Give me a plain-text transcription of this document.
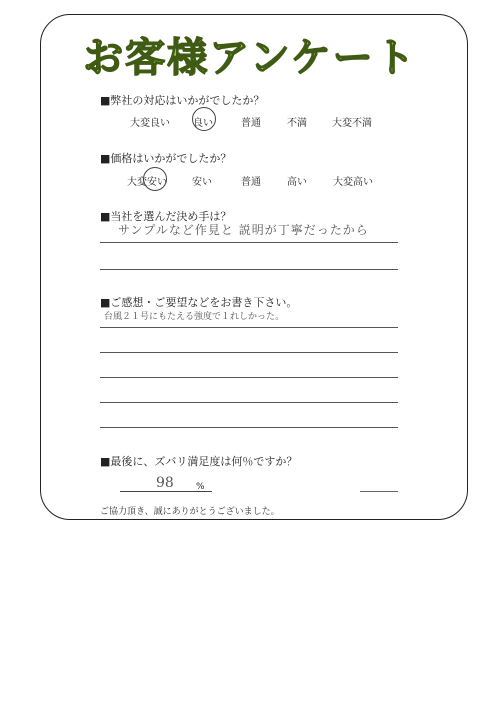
お客様アンケート
■弊社の対応はいかがでしたか？
大変良い 良い	普通	不満	大変不満
■価格はいかがでしたか？
大変安い	安い	普通	高い	大変高い
■当社を選んだ決め手は？
サンプルなど作見と 説明が丁寧だったから
■ご感想・ご要望などをお書き下さい。
台風２１号にもたえる強度で１れしかった。
■最後に、ズバリ満足度は何％ですか？
98 %
ご協力頂き、誠にありがとうございました。
